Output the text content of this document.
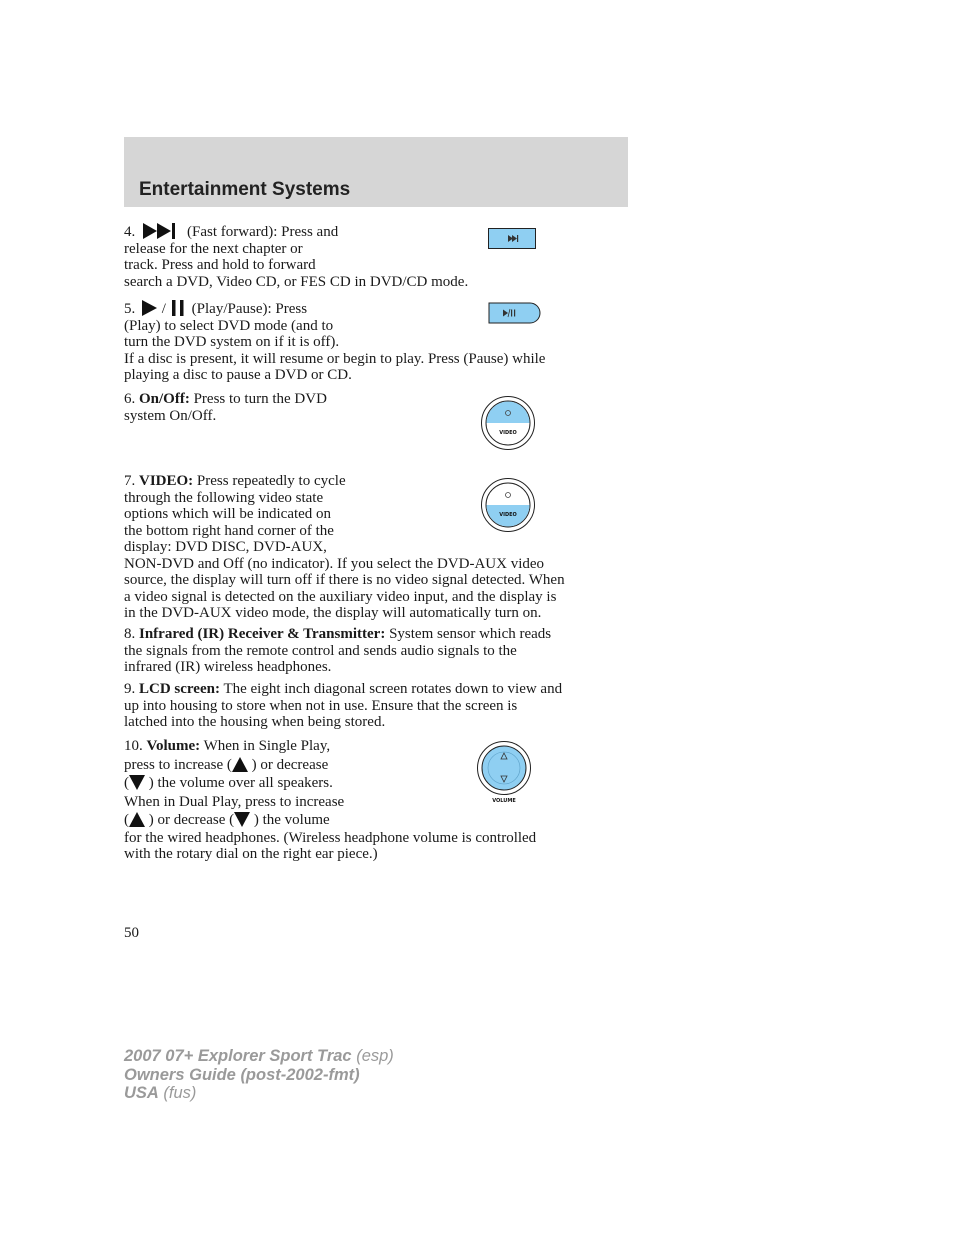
Entertainment Systems

4.	(Fast forward): Press and
release for the next chapter or
track. Press and hold to forward
search a DVD, Video CD, or FES CD in DVD/CD mode.

5. / (Play/Pause): Press
(Play) to select DVD mode (and to
turn the DVD system on if it is off).
If a disc is present, it will resume or begin to play. Press (Pause) while
playing a disc to pause a DVD or CD.

6. On/Off: Press to turn the DVD
system On/Off.

VIDEO

7. VIDEO: Press repeatedly to cycle
through the following video state
options which will be indicated on
the bottom right hand corner of the
display: DVD DISC, DVD-AUX,
NON-DVD and Off (no indicator). If you select the DVD-AUX video
source, the display will turn off if there is no video signal detected. When
a video signal is detected on the auxiliary video input, and the display is
in the DVD-AUX video mode, the display will automatically turn on.

VIDEO

8. Infrared (IR) Receiver & Transmitter: System sensor which reads
the signals from the remote control and sends audio signals to the
infrared (IR) wireless headphones.

9. LCD screen: The eight inch diagonal screen rotates down to view and
up into housing to store when not in use. Ensure that the screen is
latched into the housing when being stored.

10. Volume: When in Single Play,
press to increase ( ) or decrease
( ) the volume over all speakers.
When in Dual Play, press to increase
( ) or decrease ( ) the volume
for the wired headphones. (Wireless headphone volume is controlled
with the rotary dial on the right ear piece.)

VOLUME

50

2007 07+ Explorer Sport Trac (esp)
Owners Guide (post-2002-fmt)
USA (fus)
